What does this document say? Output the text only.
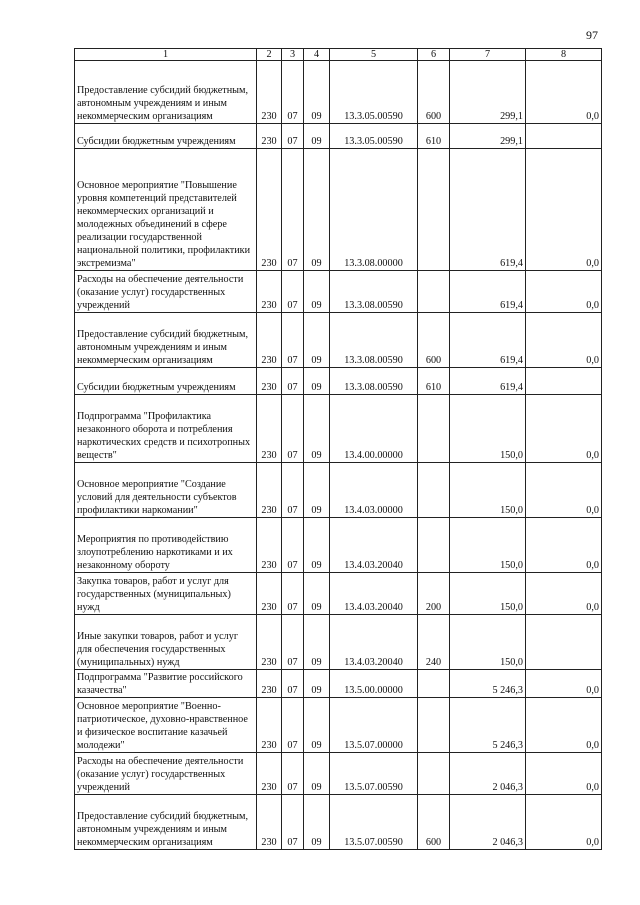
97
1	2	3	4	5	6	7	8
Предоставление субсидий бюджетным, автономным учреждениям и иным некоммерческим организациям	230	07	09	13.3.05.00590	600	299,1	0,0
Субсидии бюджетным учреждениям	230	07	09	13.3.05.00590	610	299,1	
Основное мероприятие "Повышение уровня компетенций представителей некоммерческих организаций и молодежных объединений в сфере реализации государственной национальной политики, профилактики экстремизма"	230	07	09	13.3.08.00000		619,4	0,0
Расходы на обеспечение деятельности (оказание услуг) государственных учреждений	230	07	09	13.3.08.00590		619,4	0,0
Предоставление субсидий бюджетным, автономным учреждениям и иным некоммерческим организациям	230	07	09	13.3.08.00590	600	619,4	0,0
Субсидии бюджетным учреждениям	230	07	09	13.3.08.00590	610	619,4	
Подпрограмма "Профилактика незаконного оборота и потребления наркотических средств и психотропных веществ"	230	07	09	13.4.00.00000		150,0	0,0
Основное мероприятие "Создание условий для деятельности субъектов профилактики наркомании"	230	07	09	13.4.03.00000		150,0	0,0
Мероприятия по противодействию злоупотреблению наркотиками и их незаконному обороту	230	07	09	13.4.03.20040		150,0	0,0
Закупка товаров, работ и услуг для государственных (муниципальных) нужд	230	07	09	13.4.03.20040	200	150,0	0,0
Иные закупки товаров, работ и услуг для обеспечения государственных (муниципальных) нужд	230	07	09	13.4.03.20040	240	150,0	
Подпрограмма "Развитие российского казачества"	230	07	09	13.5.00.00000		5 246,3	0,0
Основное мероприятие "Военно-патриотическое, духовно-нравственное и физическое воспитание казачьей молодежи"	230	07	09	13.5.07.00000		5 246,3	0,0
Расходы на обеспечение деятельности (оказание услуг) государственных учреждений	230	07	09	13.5.07.00590		2 046,3	0,0
Предоставление субсидий бюджетным, автономным учреждениям и иным некоммерческим организациям	230	07	09	13.5.07.00590	600	2 046,3	0,0
